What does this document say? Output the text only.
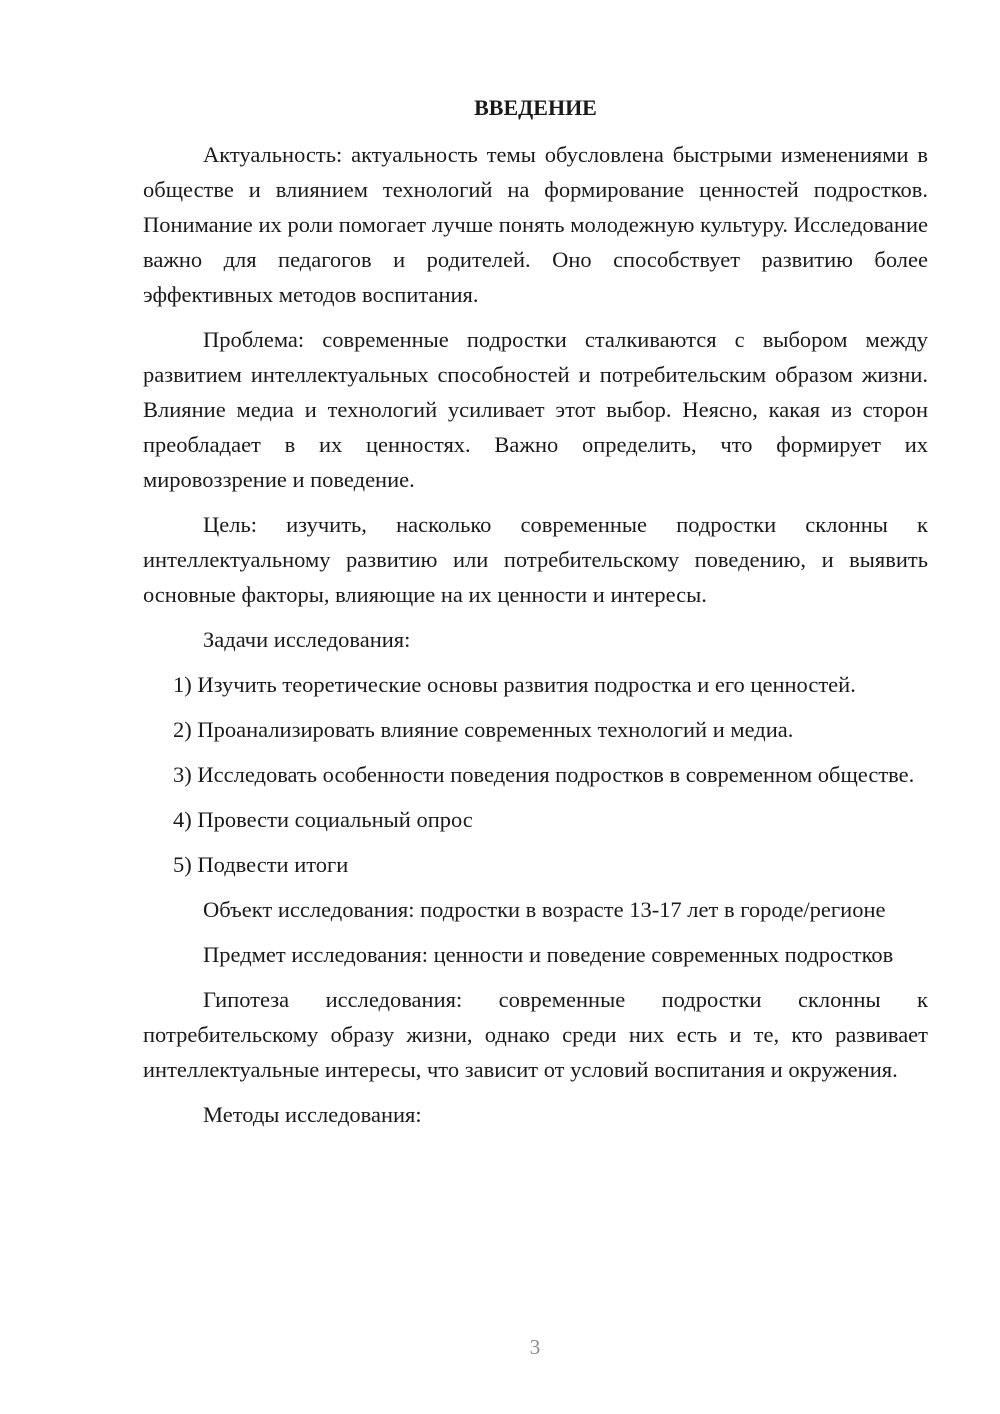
ВВЕДЕНИЕ

Актуальность: актуальность темы обусловлена быстрыми изменениями в обществе и влиянием технологий на формирование ценностей подростков. Понимание их роли помогает лучше понять молодежную культуру. Исследование важно для педагогов и родителей. Оно способствует развитию более эффективных методов воспитания.

Проблема: современные подростки сталкиваются с выбором между развитием интеллектуальных способностей и потребительским образом жизни. Влияние медиа и технологий усиливает этот выбор. Неясно, какая из сторон преобладает в их ценностях. Важно определить, что формирует их мировоззрение и поведение.

Цель: изучить, насколько современные подростки склонны к интеллектуальному развитию или потребительскому поведению, и выявить основные факторы, влияющие на их ценности и интересы.

Задачи исследования:

1) Изучить теоретические основы развития подростка и его ценностей.

2) Проанализировать влияние современных технологий и медиа.

3) Исследовать особенности поведения подростков в современном обществе.

4) Провести социальный опрос

5) Подвести итоги

Объект исследования: подростки в возрасте 13-17 лет в городе/регионе

Предмет исследования: ценности и поведение современных подростков

Гипотеза исследования: современные подростки склонны к потребительскому образу жизни, однако среди них есть и те, кто развивает интеллектуальные интересы, что зависит от условий воспитания и окружения.

Методы исследования:

3
